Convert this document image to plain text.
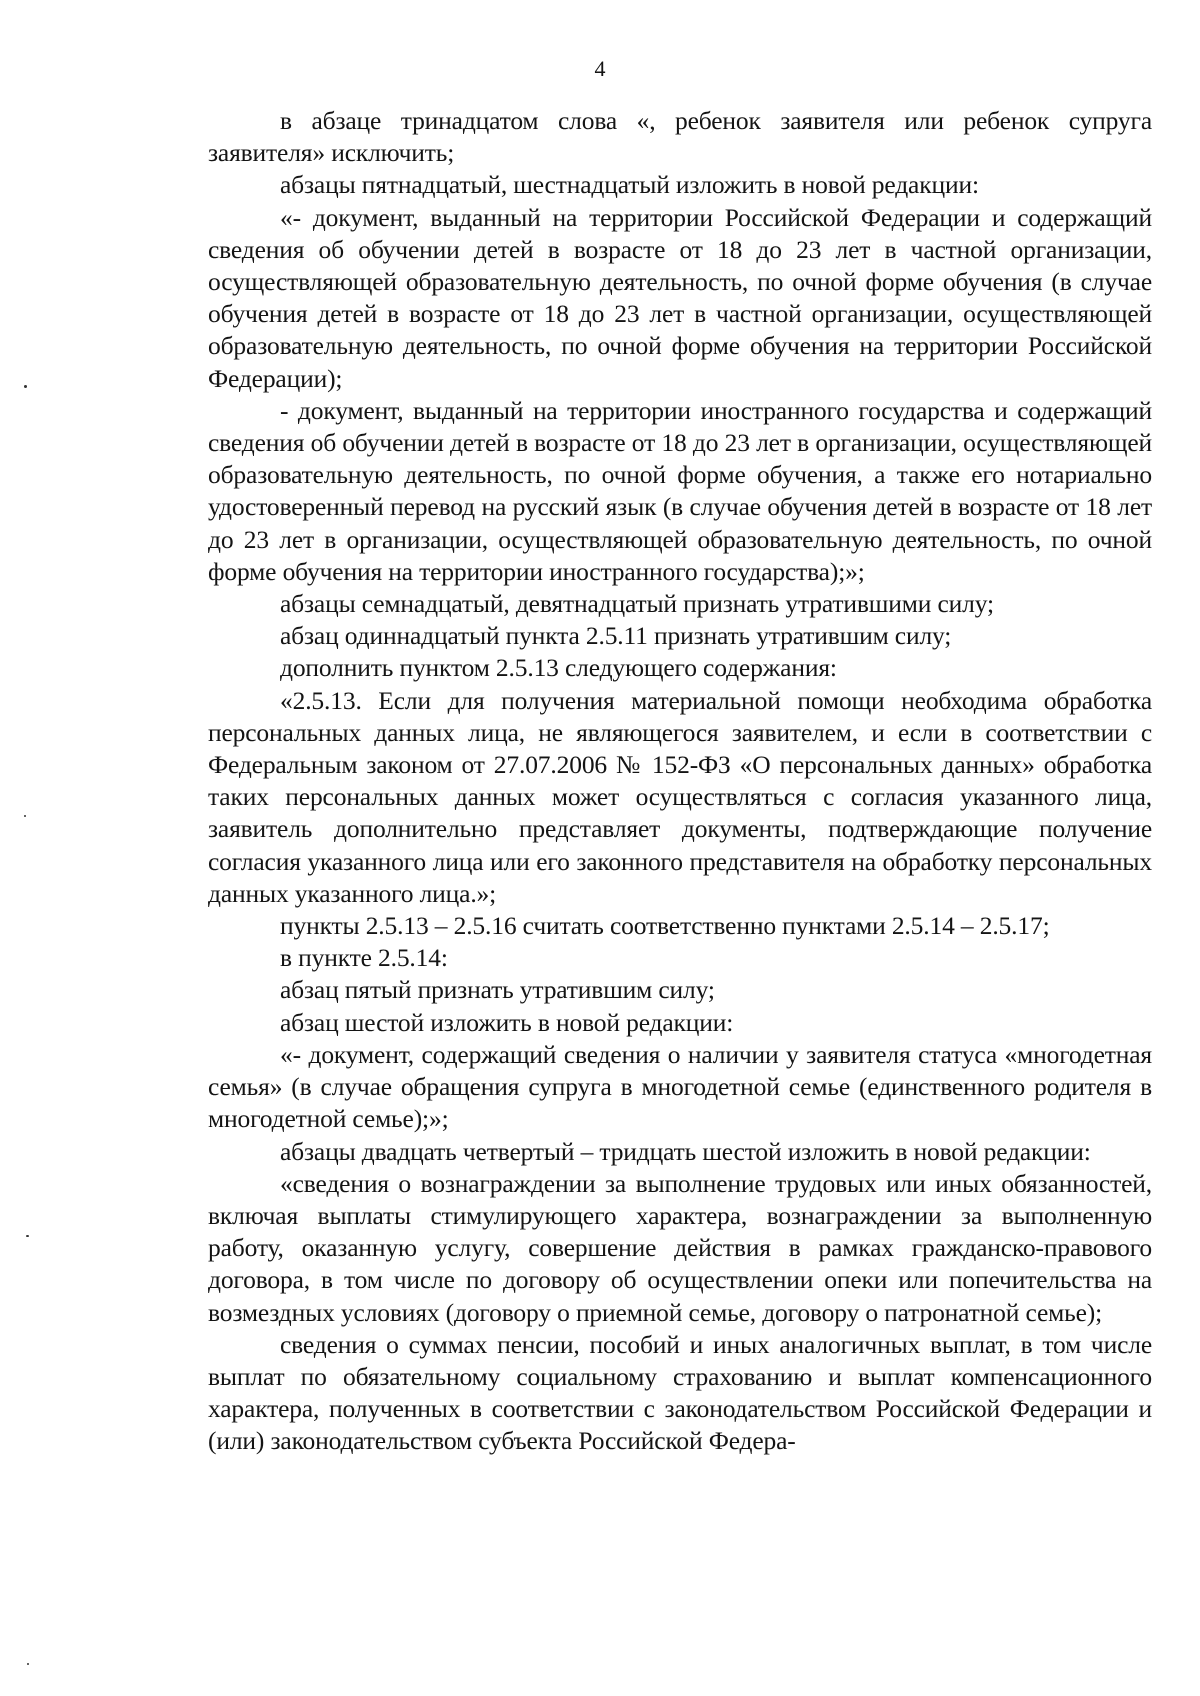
4

в абзаце тринадцатом слова «, ребенок заявителя или ребенок супруга заявителя» исключить;

абзацы пятнадцатый, шестнадцатый изложить в новой редакции:

«- документ, выданный на территории Российской Федерации и содержащий сведения об обучении детей в возрасте от 18 до 23 лет в частной организации, осуществляющей образовательную деятельность, по очной форме обучения (в случае обучения детей в возрасте от 18 до 23 лет в частной организации, осуществляющей образовательную деятельность, по очной форме обучения на территории Российской Федерации);

- документ, выданный на территории иностранного государства и содержащий сведения об обучении детей в возрасте от 18 до 23 лет в организации, осуществляющей образовательную деятельность, по очной форме обучения, а также его нотариально удостоверенный перевод на русский язык (в случае обучения детей в возрасте от 18 лет до 23 лет в организации, осуществляющей образовательную деятельность, по очной форме обучения на территории иностранного государства);»;

абзацы семнадцатый, девятнадцатый признать утратившими силу;

абзац одиннадцатый пункта 2.5.11 признать утратившим силу;

дополнить пунктом 2.5.13 следующего содержания:

«2.5.13. Если для получения материальной помощи необходима обработка персональных данных лица, не являющегося заявителем, и если в соответствии с Федеральным законом от 27.07.2006 № 152-ФЗ «О персональных данных» обработка таких персональных данных может осуществляться с согласия указанного лица, заявитель дополнительно представляет документы, подтверждающие получение согласия указанного лица или его законного представителя на обработку персональных данных указанного лица.»;

пункты 2.5.13 – 2.5.16 считать соответственно пунктами 2.5.14 – 2.5.17;

в пункте 2.5.14:

абзац пятый признать утратившим силу;

абзац шестой изложить в новой редакции:

«- документ, содержащий сведения о наличии у заявителя статуса «многодетная семья» (в случае обращения супруга в многодетной семье (единственного родителя в многодетной семье);»;

абзацы двадцать четвертый – тридцать шестой изложить в новой редакции:

«сведения о вознаграждении за выполнение трудовых или иных обязанностей, включая выплаты стимулирующего характера, вознаграждении за выполненную работу, оказанную услугу, совершение действия в рамках гражданско-правового договора, в том числе по договору об осуществлении опеки или попечительства на возмездных условиях (договору о приемной семье, договору о патронатной семье);

сведения о суммах пенсии, пособий и иных аналогичных выплат, в том числе выплат по обязательному социальному страхованию и выплат компенсационного характера, полученных в соответствии с законодательством Российской Федерации и (или) законодательством субъекта Российской Федера-
